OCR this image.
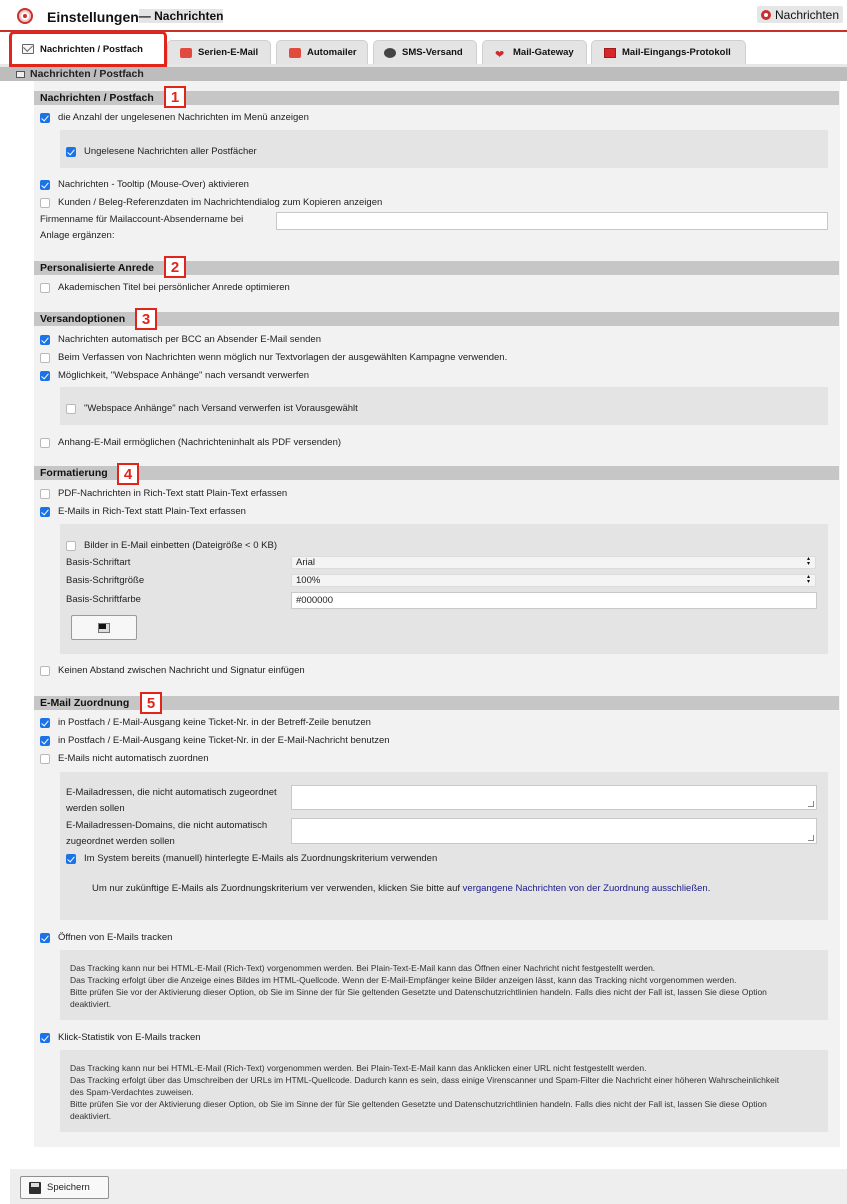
Einstellungen — Nachrichten	Nachrichten
Nachrichten / Postfach	Serien-E-Mail	Automailer	SMS-Versand	❤ Mail-Gateway	Mail-Eingangs-Protokoll
Nachrichten / Postfach
Nachrichten / Postfach	1
die Anzahl der ungelesenen Nachrichten im Menü anzeigen
Ungelesene Nachrichten aller Postfächer
Nachrichten - Tooltip (Mouse-Over) aktivieren
Kunden / Beleg-Referenzdaten im Nachrichtendialog zum Kopieren anzeigen
Firmenname für Mailaccount-Absendername bei
Anlage ergänzen:
Personalisierte Anrede	2
Akademischen Titel bei persönlicher Anrede optimieren
Versandoptionen	3
Nachrichten automatisch per BCC an Absender E-Mail senden
Beim Verfassen von Nachrichten wenn möglich nur Textvorlagen der ausgewählten Kampagne verwenden.
Möglichkeit, "Webspace Anhänge" nach versandt verwerfen
"Webspace Anhänge" nach Versand verwerfen ist Vorausgewählt
Anhang-E-Mail ermöglichen (Nachrichteninhalt als PDF versenden)
Formatierung	4
PDF-Nachrichten in Rich-Text statt Plain-Text erfassen
E-Mails in Rich-Text statt Plain-Text erfassen
Bilder in E-Mail einbetten (Dateigröße < 0 KB)
Basis-Schriftart	Arial
▴▾
Basis-Schriftgröße	100%
▴▾
Basis-Schriftfarbe	#000000
Keinen Abstand zwischen Nachricht und Signatur einfügen
E-Mail Zuordnung	5
in Postfach / E-Mail-Ausgang keine Ticket-Nr. in der Betreff-Zeile benutzen
in Postfach / E-Mail-Ausgang keine Ticket-Nr. in der E-Mail-Nachricht benutzen
E-Mails nicht automatisch zuordnen
E-Mailadressen, die nicht automatisch zugeordnet
werden sollen
E-Mailadressen-Domains, die nicht automatisch
zugeordnet werden sollen
Im System bereits (manuell) hinterlegte E-Mails als Zuordnungskriterium verwenden
Um nur zukünftige E-Mails als Zuordnungskriterium ver verwenden, klicken Sie bitte auf vergangene Nachrichten von der Zuordnung ausschließen .
Öffnen von E-Mails tracken
Das Tracking kann nur bei HTML-E-Mail (Rich-Text) vorgenommen werden. Bei Plain-Text-E-Mail kann das Öffnen einer Nachricht nicht festgestellt werden.
Das Tracking erfolgt über die Anzeige eines Bildes im HTML-Quellcode. Wenn der E-Mail-Empfänger keine Bilder anzeigen lässt, kann das Tracking nicht vorgenommen werden.
Bitte prüfen Sie vor der Aktivierung dieser Option, ob Sie im Sinne der für Sie geltenden Gesetzte und Datenschutzrichtlinien handeln. Falls dies nicht der Fall ist, lassen Sie diese Option
deaktiviert.
Klick-Statistik von E-Mails tracken
Das Tracking kann nur bei HTML-E-Mail (Rich-Text) vorgenommen werden. Bei Plain-Text-E-Mail kann das Anklicken einer URL nicht festgestellt werden.
Das Tracking erfolgt über das Umschreiben der URLs im HTML-Quellcode. Dadurch kann es sein, dass einige Virenscanner und Spam-Filter die Nachricht einer höheren Wahrscheinlichkeit
des Spam-Verdachtes zuweisen.
Bitte prüfen Sie vor der Aktivierung dieser Option, ob Sie im Sinne der für Sie geltenden Gesetzte und Datenschutzrichtlinien handeln. Falls dies nicht der Fall ist, lassen Sie diese Option
deaktiviert.
Speichern
